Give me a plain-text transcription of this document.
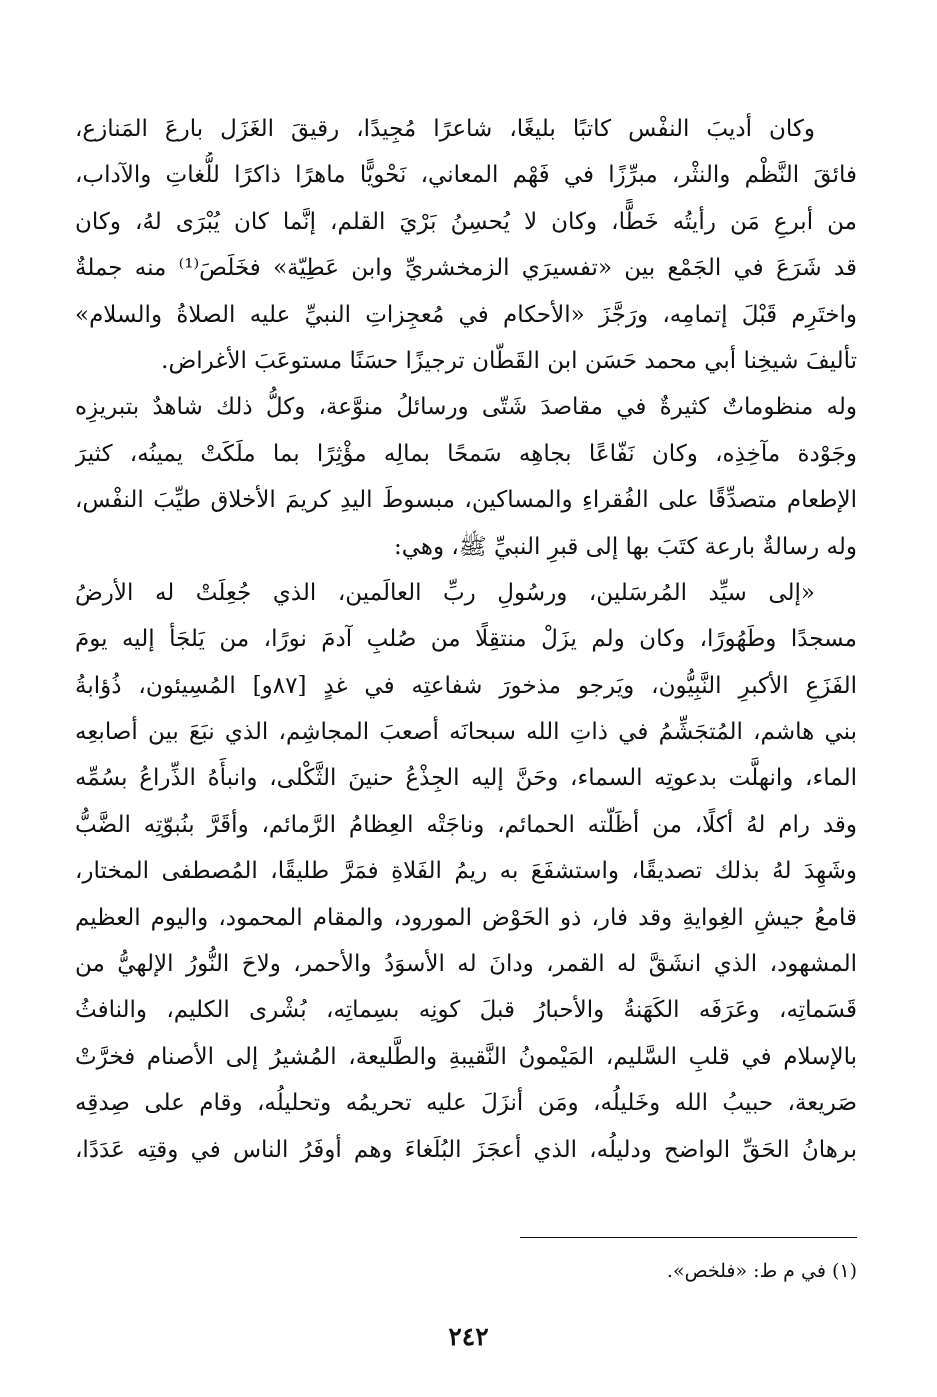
وكان أديبَ النفْس كاتبًا بليغًا، شاعرًا مُجِيدًا، رقيقَ الغَزَل بارعَ المَنازع،
فائقَ النَّظْم والنثْر، مبرِّزًا في فَهْم المعاني، نَحْويًّا ماهرًا ذاكرًا للُّغاتِ والآداب،
من أبرعِ مَن رأيتُه خَطًّا، وكان لا يُحسِنُ بَرْيَ القلم، إنَّما كان يُبْرَى لهُ، وكان
قد شَرَعَ في الجَمْع بين «تفسيرَي الزمخشريِّ وابن عَطِيّة» فخَلَصَ⁽¹⁾ منه جملةٌ
واختَرِم قَبْلَ إتمامِه، ورَجَّزَ «الأحكام في مُعجِزاتِ النبيِّ عليه الصلاةُ والسلام»
تأليفَ شيخِنا أبي محمد حَسَن ابن القَطّان ترجيزًا حسَنًا مستوعَبَ الأغراض.
وله منظوماتٌ كثيرةٌ في مقاصدَ شَتّى ورسائلُ منوَّعة، وكلُّ ذلك شاهدٌ بتبريزِه
وجَوْدة مآخِذِه، وكان نَفّاعًا بجاهِه سَمحًا بمالِه مؤْثِرًا بما ملَكَتْ يمينُه، كثيرَ
الإطعام متصدِّقًا على الفُقراءِ والمساكين، مبسوطَ اليدِ كريمَ الأخلاق طيِّبَ النفْس،
وله رسالةٌ بارعة كتَبَ بها إلى قبرِ النبيِّ ﷺ، وهي:
«إلى سيِّد المُرسَلين، ورسُولِ ربِّ العالَمين، الذي جُعِلَتْ له الأرضُ
مسجدًا وطَهُورًا، وكان ولم يزَلْ منتقِلًا من صُلبِ آدمَ نورًا، من يَلجَأ إليه يومَ
الفَزَعِ الأكبرِ النَّبِيُّون، ويَرجو مذخورَ شفاعتِه في غدٍ [٨٧و] المُسِيئون، ذُؤابةُ
بني هاشم، المُتجَشِّمُ في ذاتِ الله سبحانَه أصعبَ المجاشِم، الذي نبَعَ بين أصابعِه
الماء، وانهلَّت بدعوتِه السماء، وحَنَّ إليه الجِذْعُ حنينَ الثَّكْلى، وانبأَهُ الذِّراعُ بسُمِّه
وقد رام لهُ أكلًا، من أظَلّته الحمائم، وناجَتْه العِظامُ الرَّمائم، وأقَرَّ بنُبوّتِه الضَّبُّ
وشَهِدَ لهُ بذلك تصديقًا، واستشفَعَ به ريمُ الفَلاةِ فمَرَّ طليقًا، المُصطفى المختار،
قامعُ جيشِ الغِوايةِ وقد فار، ذو الحَوْض المورود، والمقام المحمود، واليوم العظيم
المشهود، الذي انشَقَّ له القمر، ودانَ له الأسوَدُ والأحمر، ولاحَ النُّورُ الإلهيُّ من
قَسَماتِه، وعَرَفَه الكَهَنةُ والأحبارُ قبلَ كونِه بسِماتِه، بُشْرى الكليم، والنافثُ
بالإسلام في قلبِ السَّليم، المَيْمونُ النَّقيبةِ والطَّليعة، المُشيرُ إلى الأصنام فخرَّتْ
صَريعة، حبيبُ الله وخَليلُه، ومَن أنزَلَ عليه تحريمُه وتحليلُه، وقام على صِدقِه
برهانُ الحَقِّ الواضح ودليلُه، الذي أعجَزَ البُلَغاءَ وهم أوفَرُ الناس في وقتِه عَدَدًا،
(١) في م ط: «فلخص».
٢٤٢
